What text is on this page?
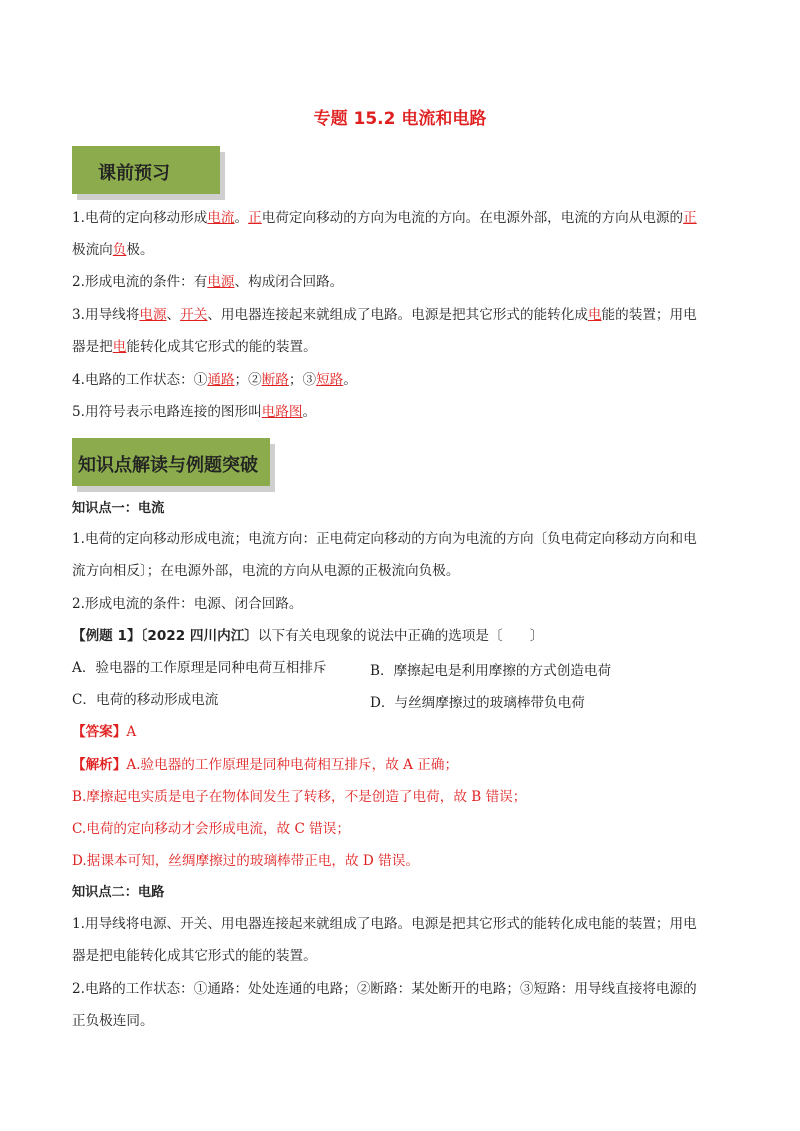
专题 15.2 电流和电路
课前预习
1.电荷的定向移动形成电流。正电荷定向移动的方向为电流的方向。在电源外部，电流的方向从电源的正
极流向负极。
2.形成电流的条件：有电源、构成闭合回路。
3.用导线将电源、开关、用电器连接起来就组成了电路。电源是把其它形式的能转化成电能的装置；用电
器是把电能转化成其它形式的能的装置。
4.电路的工作状态：①通路；②断路；③短路。
5.用符号表示电路连接的图形叫电路图。
知识点解读与例题突破
知识点一：电流
1.电荷的定向移动形成电流；电流方向：正电荷定向移动的方向为电流的方向〔负电荷定向移动方向和电
流方向相反〕；在电源外部，电流的方向从电源的正极流向负极。
2.形成电流的条件：电源、闭合回路。
【例题 1】〔2022 四川内江〕以下有关电现象的说法中正确的选项是〔　　〕
A．验电器的工作原理是同种电荷互相排斥	B．摩擦起电是利用摩擦的方式创造电荷
C．电荷的移动形成电流	D．与丝绸摩擦过的玻璃棒带负电荷
【答案】A
【解析】A.验电器的工作原理是同种电荷相互排斥，故 A 正确；
B.摩擦起电实质是电子在物体间发生了转移，不是创造了电荷，故 B 错误；
C.电荷的定向移动才会形成电流，故 C 错误；
D.据课本可知，丝绸摩擦过的玻璃棒带正电，故 D 错误。
知识点二：电路
1.用导线将电源、开关、用电器连接起来就组成了电路。电源是把其它形式的能转化成电能的装置；用电
器是把电能转化成其它形式的能的装置。
2.电路的工作状态：①通路：处处连通的电路；②断路：某处断开的电路；③短路：用导线直接将电源的
正负极连同。
